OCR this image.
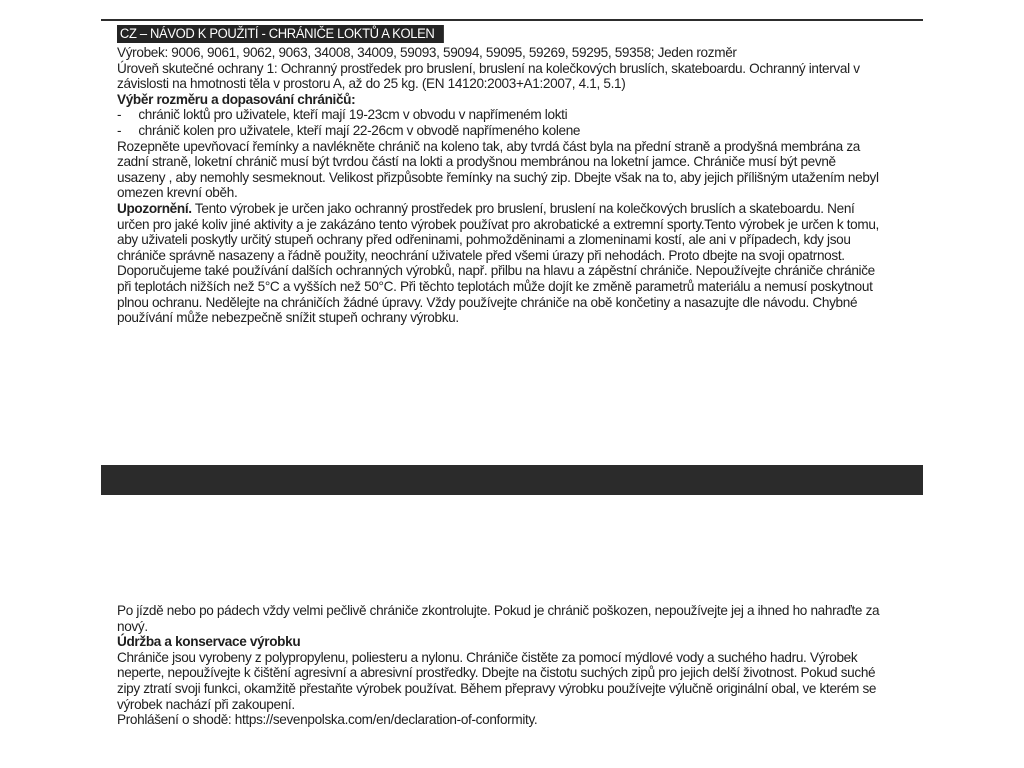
CZ – NÁVOD K POUŽITÍ - CHRÁNIČE LOKTŮ A KOLEN

Výrobek: 9006, 9061, 9062, 9063, 34008, 34009, 59093, 59094, 59095, 59269, 59295, 59358; Jeden rozměr

Úroveň skutečné ochrany 1: Ochranný prostředek pro bruslení, bruslení na kolečkových bruslích, skateboardu. Ochranný interval v závislosti na hmotnosti těla v prostoru A, až do 25 kg. (EN 14120:2003+A1:2007, 4.1, 5.1)

Výběr rozměru a dopasování chráničů:

-	chránič loktů pro uživatele, kteří mají 19-23cm v obvodu v napřímeném lokti
-	chránič kolen pro uživatele, kteří mají 22-26cm v obvodě napřímeného kolene

Rozepněte upevňovací řemínky a navlékněte chránič na koleno tak, aby tvrdá část byla na přední straně a prodyšná membrána za zadní straně, loketní chránič musí být tvrdou částí na lokti a prodyšnou membránou na loketní jamce. Chrániče musí být pevně usazeny , aby nemohly sesmeknout. Velikost přizpůsobte řemínky na suchý zip. Dbejte však na to, aby jejich přílišným utažením nebyl omezen krevní oběh.

Upozornění. Tento výrobek je určen jako ochranný prostředek pro bruslení, bruslení na kolečkových bruslích a skateboardu. Není určen pro jaké koliv jiné aktivity a je zakázáno tento výrobek používat pro akrobatické a extremní sporty.Tento výrobek je určen k tomu, aby uživateli poskytly určitý stupeň ochrany před odřeninami, pohmožděninami a zlomeninami kostí, ale ani v případech, kdy jsou chrániče správně nasazeny a řádně použity, neochrání uživatele před všemi úrazy při nehodách. Proto dbejte na svoji opatrnost. Doporučujeme také používání dalších ochranných výrobků, např. přilbu na hlavu a zápěstní chrániče. Nepoužívejte chrániče chrániče při teplotách nižších než 5°C a vyšších než 50°C. Při těchto teplotách může dojít ke změně parametrů materiálu a nemusí poskytnout plnou ochranu. Nedělejte na chráničích žádné úpravy. Vždy používejte chrániče na obě končetiny a nasazujte dle návodu. Chybné používání může nebezpečně snížit stupeň ochrany výrobku.

Po jízdě nebo po pádech vždy velmi pečlivě chrániče zkontrolujte. Pokud je chránič poškozen, nepoužívejte jej a ihned ho nahraďte za nový.

Údržba a konservace výrobku

Chrániče jsou vyrobeny z polypropylenu, poliesteru a nylonu. Chrániče čistěte za pomocí mýdlové vody a suchého hadru. Výrobek neperte, nepoužívejte k čištění agresivní a abresivní prostředky. Dbejte na čistotu suchých zipů pro jejich delší životnost. Pokud suché zipy ztratí svoji funkci, okamžitě přestaňte výrobek používat. Během přepravy výrobku používejte výlučně originální obal, ve kterém se výrobek nachází při zakoupení.

Prohlášení o shodě: https://sevenpolska.com/en/declaration-of-conformity.
